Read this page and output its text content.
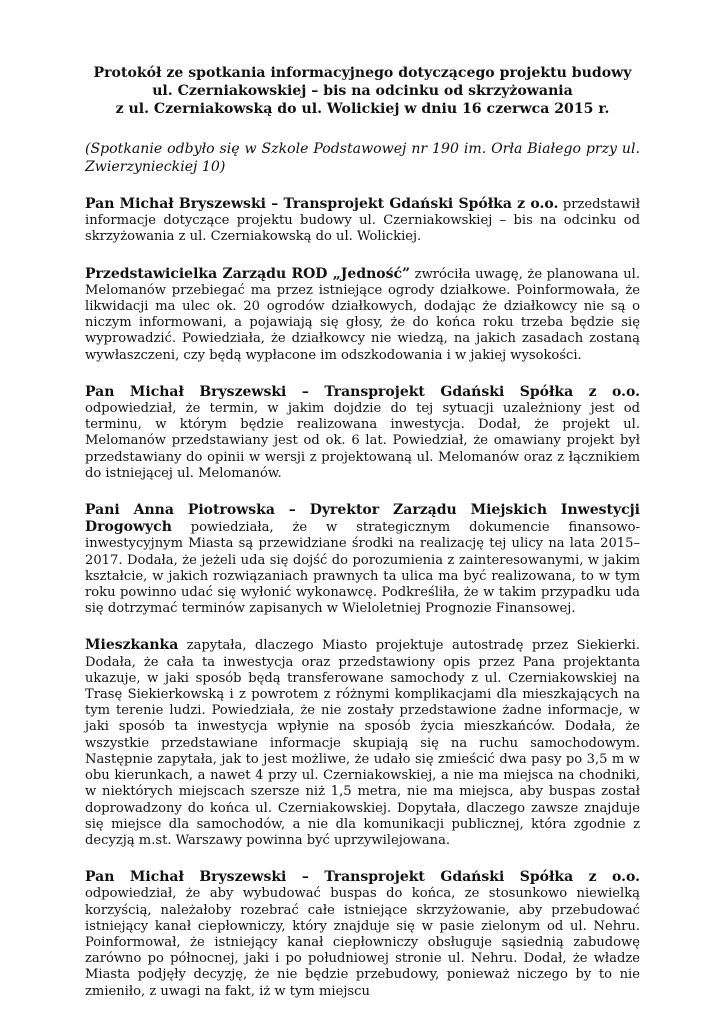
Protokół ze spotkania informacyjnego dotyczącego projektu budowy
ul. Czerniakowskiej – bis na odcinku od skrzyżowania
z ul. Czerniakowską do ul. Wolickiej w dniu 16 czerwca 2015 r.

(Spotkanie odbyło się w Szkole Podstawowej nr 190 im. Orła Białego przy ul. Zwierzynieckiej 10)

Pan Michał Bryszewski – Transprojekt Gdański Spółka z o.o. przedstawił informacje dotyczące projektu budowy ul. Czerniakowskiej – bis na odcinku od skrzyżowania z ul. Czerniakowską do ul. Wolickiej.

Przedstawicielka Zarządu ROD „Jedność” zwróciła uwagę, że planowana ul. Melomanów przebiegać ma przez istniejące ogrody działkowe. Poinformowała, że likwidacji ma ulec ok. 20 ogrodów działkowych, dodając że działkowcy nie są o niczym informowani, a pojawiają się głosy, że do końca roku trzeba będzie się wyprowadzić. Powiedziała, że działkowcy nie wiedzą, na jakich zasadach zostaną wywłaszczeni, czy będą wypłacone im odszkodowania i w jakiej wysokości.

Pan Michał Bryszewski – Transprojekt Gdański Spółka z o.o. odpowiedział, że termin, w jakim dojdzie do tej sytuacji uzależniony jest od terminu, w którym będzie realizowana inwestycja. Dodał, że projekt ul. Melomanów przedstawiany jest od ok. 6 lat. Powiedział, że omawiany projekt był przedstawiany do opinii w wersji z projektowaną ul. Melomanów oraz z łącznikiem do istniejącej ul. Melomanów.

Pani Anna Piotrowska – Dyrektor Zarządu Miejskich Inwestycji Drogowych powiedziała, że w strategicznym dokumencie finansowo-inwestycyjnym Miasta są przewidziane środki na realizację tej ulicy na lata 2015–2017. Dodała, że jeżeli uda się dojść do porozumienia z zainteresowanymi, w jakim kształcie, w jakich rozwiązaniach prawnych ta ulica ma być realizowana, to w tym roku powinno udać się wyłonić wykonawcę. Podkreśliła, że w takim przypadku uda się dotrzymać terminów zapisanych w Wieloletniej Prognozie Finansowej.

Mieszkanka zapytała, dlaczego Miasto projektuje autostradę przez Siekierki. Dodała, że cała ta inwestycja oraz przedstawiony opis przez Pana projektanta ukazuje, w jaki sposób będą transferowane samochody z ul. Czerniakowskiej na Trasę Siekierkowską i z powrotem z różnymi komplikacjami dla mieszkających na tym terenie ludzi. Powiedziała, że nie zostały przedstawione żadne informacje, w jaki sposób ta inwestycja wpłynie na sposób życia mieszkańców. Dodała, że wszystkie przedstawiane informacje skupiają się na ruchu samochodowym. Następnie zapytała, jak to jest możliwe, że udało się zmieścić dwa pasy po 3,5 m w obu kierunkach, a nawet 4 przy ul. Czerniakowskiej, a nie ma miejsca na chodniki, w niektórych miejscach szersze niż 1,5 metra, nie ma miejsca, aby buspas został doprowadzony do końca ul. Czerniakowskiej. Dopytała, dlaczego zawsze znajduje się miejsce dla samochodów, a nie dla komunikacji publicznej, która zgodnie z decyzją m.st. Warszawy powinna być uprzywilejowana.

Pan Michał Bryszewski – Transprojekt Gdański Spółka z o.o. odpowiedział, że aby wybudować buspas do końca, ze stosunkowo niewielką korzyścią, należałoby rozebrać całe istniejące skrzyżowanie, aby przebudować istniejący kanał ciepłowniczy, który znajduje się w pasie zielonym od ul. Nehru. Poinformował, że istniejący kanał ciepłowniczy obsługuje sąsiednią zabudowę zarówno po północnej, jaki i po południowej stronie ul. Nehru. Dodał, że władze Miasta podjęły decyzję, że nie będzie przebudowy, ponieważ niczego by to nie zmieniło, z uwagi na fakt, iż w tym miejscu
